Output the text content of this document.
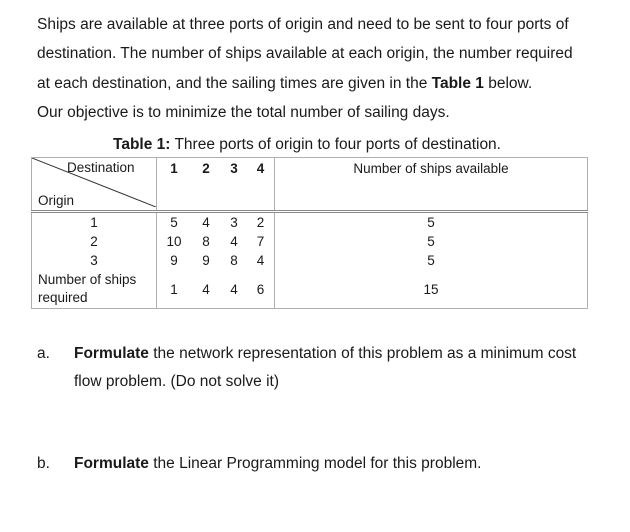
Ships are available at three ports of origin and need to be sent to four ports of
destination. The number of ships available at each origin, the number required
at each destination, and the sailing times are given in the Table 1 below.
Our objective is to minimize the total number of sailing days.
Table 1: Three ports of origin to four ports of destination.
Destination
Origin	1	2	3	4	Number of ships available
1	5	4	3	2	5
2	10	8	4	7	5
3	9	9	8	4	5

Number of ships
required	1	4	4	6	15
a. Formulate the network representation of this problem as a minimum cost flow problem. (Do not solve it)
b. Formulate the Linear Programming model for this problem.
